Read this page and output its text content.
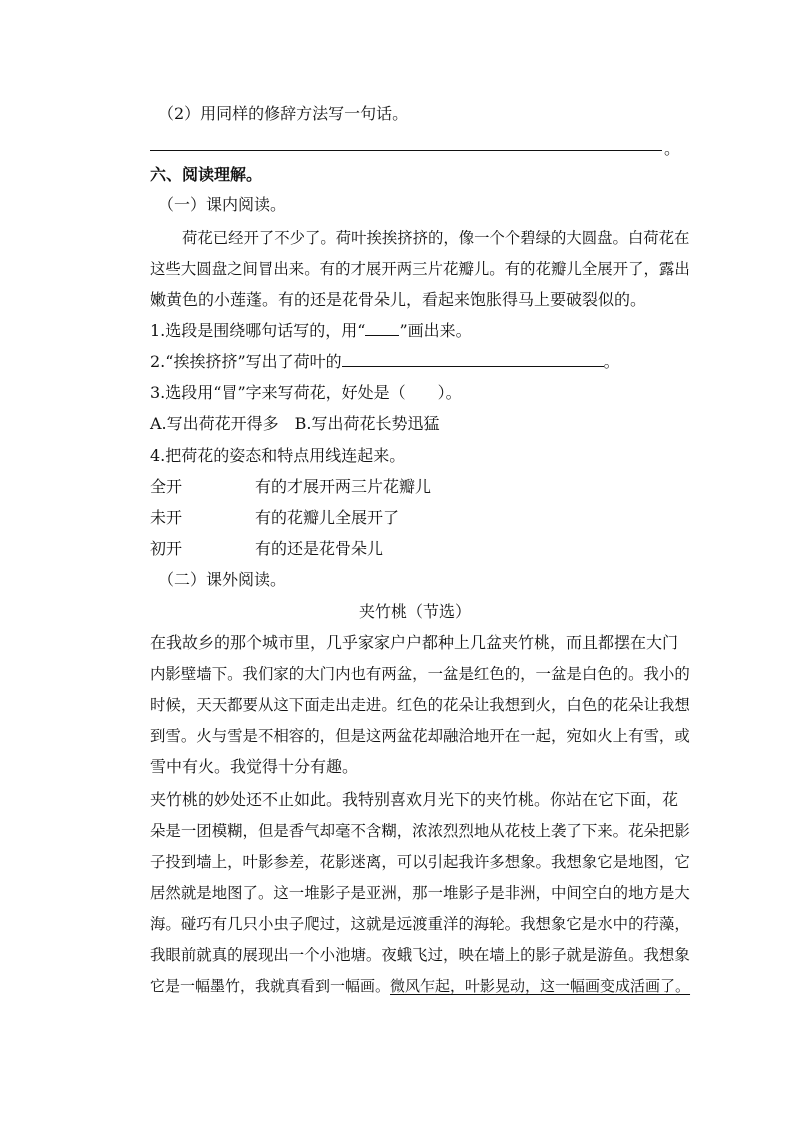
（2）用同样的修辞方法写一句话。
。
六、阅读理解。
（一）课内阅读。
荷花已经开了不少了。荷叶挨挨挤挤的，像一个个碧绿的大圆盘。白荷花在
这些大圆盘之间冒出来。有的才展开两三片花瓣儿。有的花瓣儿全展开了，露出
嫩黄色的小莲蓬。有的还是花骨朵儿，看起来饱胀得马上要破裂似的。
1.选段是围绕哪句话写的，用“ ”画出来。
2.“挨挨挤挤”写出了荷叶的	。
3.选段用“冒”字来写荷花，好处是（　　）。
A.写出荷花开得多　B.写出荷花长势迅猛
4.把荷花的姿态和特点用线连起来。
全开	有的才展开两三片花瓣儿
未开	有的花瓣儿全展开了
初开	有的还是花骨朵儿
（二）课外阅读。
夹竹桃（节选）
在我故乡的那个城市里，几乎家家户户都种上几盆夹竹桃，而且都摆在大门
内影壁墙下。我们家的大门内也有两盆，一盆是红色的，一盆是白色的。我小的
时候，天天都要从这下面走出走进。红色的花朵让我想到火，白色的花朵让我想
到雪。火与雪是不相容的，但是这两盆花却融洽地开在一起，宛如火上有雪，或
雪中有火。我觉得十分有趣。
夹竹桃的妙处还不止如此。我特别喜欢月光下的夹竹桃。你站在它下面，花
朵是一团模糊，但是香气却毫不含糊，浓浓烈烈地从花枝上袭了下来。花朵把影
子投到墙上，叶影参差，花影迷离，可以引起我许多想象。我想象它是地图，它
居然就是地图了。这一堆影子是亚洲，那一堆影子是非洲，中间空白的地方是大
海。碰巧有几只小虫子爬过，这就是远渡重洋的海轮。我想象它是水中的荇藻，
我眼前就真的展现出一个小池塘。夜蛾飞过，映在墙上的影子就是游鱼。我想象
它是一幅墨竹，我就真看到一幅画。微风乍起，叶影晃动，这一幅画变成活画了。
